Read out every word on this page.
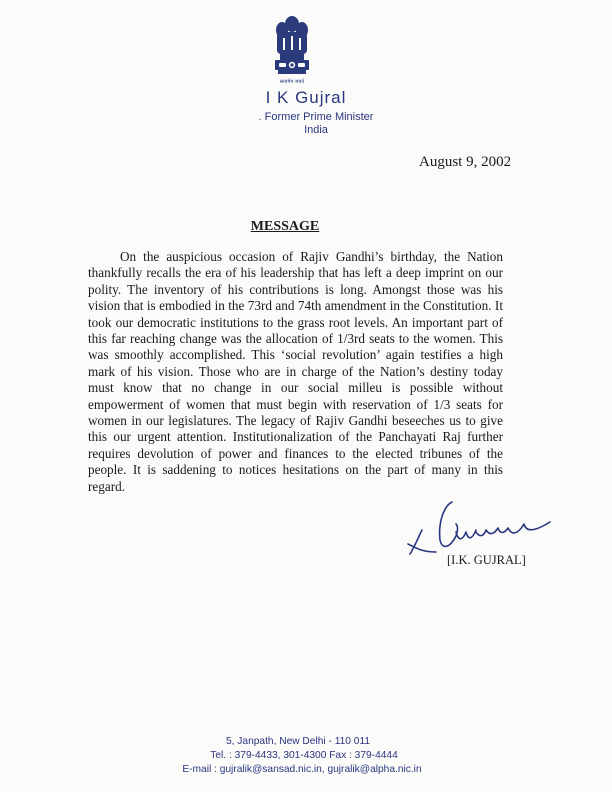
सत्यमेव जयते
I K Gujral
. Former Prime Minister
India
August 9, 2002
MESSAGE

On the auspicious occasion of Rajiv Gandhi’s birthday, the Nation thankfully recalls the era of his leadership that has left a deep imprint on our polity. The inventory of his contributions is long. Amongst those was his vision that is embodied in the 73rd and 74th amendment in the Constitution. It took our democratic institutions to the grass root levels. An important part of this far reaching change was the allocation of 1/3rd seats to the women. This was smoothly accomplished. This ‘social revolution’ again testifies a high mark of his vision. Those who are in charge of the Nation’s destiny today must know that no change in our social milleu is possible without empowerment of women that must begin with reservation of 1/3 seats for women in our legislatures. The legacy of Rajiv Gandhi beseeches us to give this our urgent attention. Institutionalization of the Panchayati Raj further requires devolution of power and finances to the elected tribunes of the people. It is saddening to notices hesitations on the part of many in this regard.

[I.K. GUJRAL]
5, Janpath, New Delhi - 110 011
Tel. : 379-4433, 301-4300 Fax : 379-4444
E-mail : gujralik@sansad.nic.in, gujralik@alpha.nic.in
